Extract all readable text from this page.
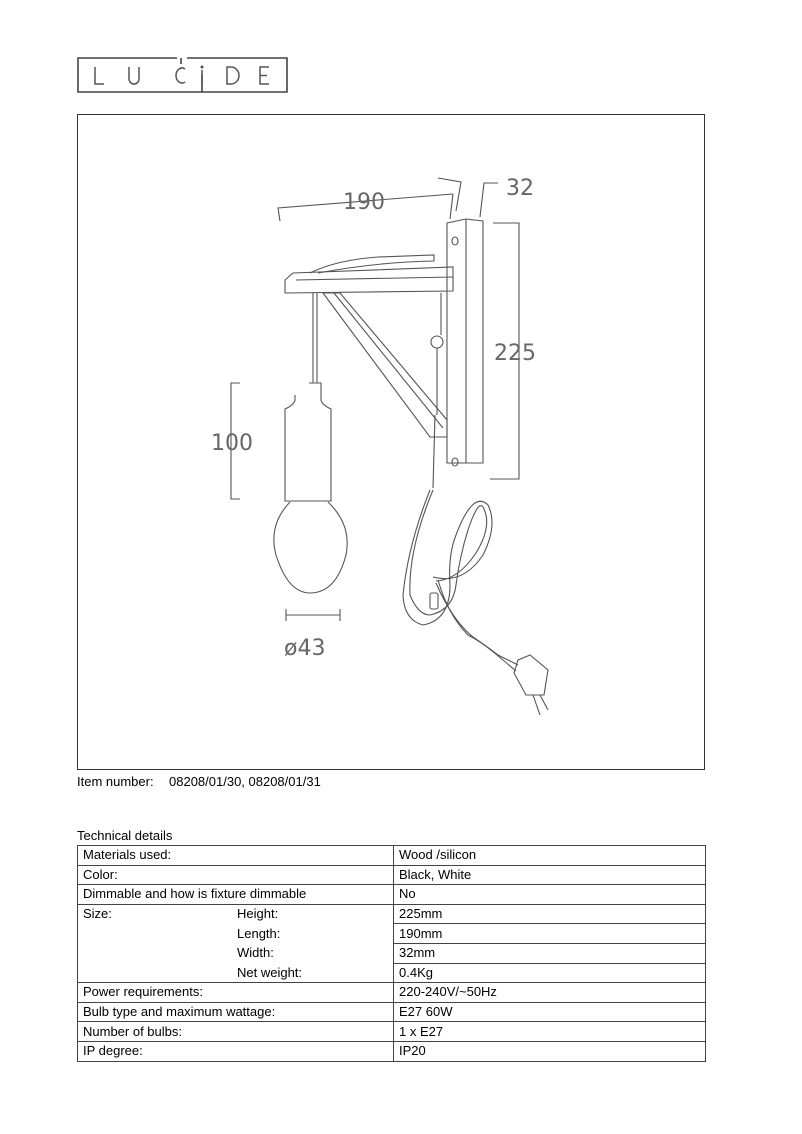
190
32
225
100
ø43
Item number: 08208/01/30, 08208/01/31
Technical details
Materials used:	Wood /silicon
Color:	Black, White
Dimmable and how is fixture dimmable	No
Size: Height:	225mm
Length:	190mm
Width:	32mm
Net weight:	0.4Kg
Power requirements:	220-240V/~50Hz
Bulb type and maximum wattage:	E27 60W
Number of bulbs:	1 x E27
IP degree:	IP20
